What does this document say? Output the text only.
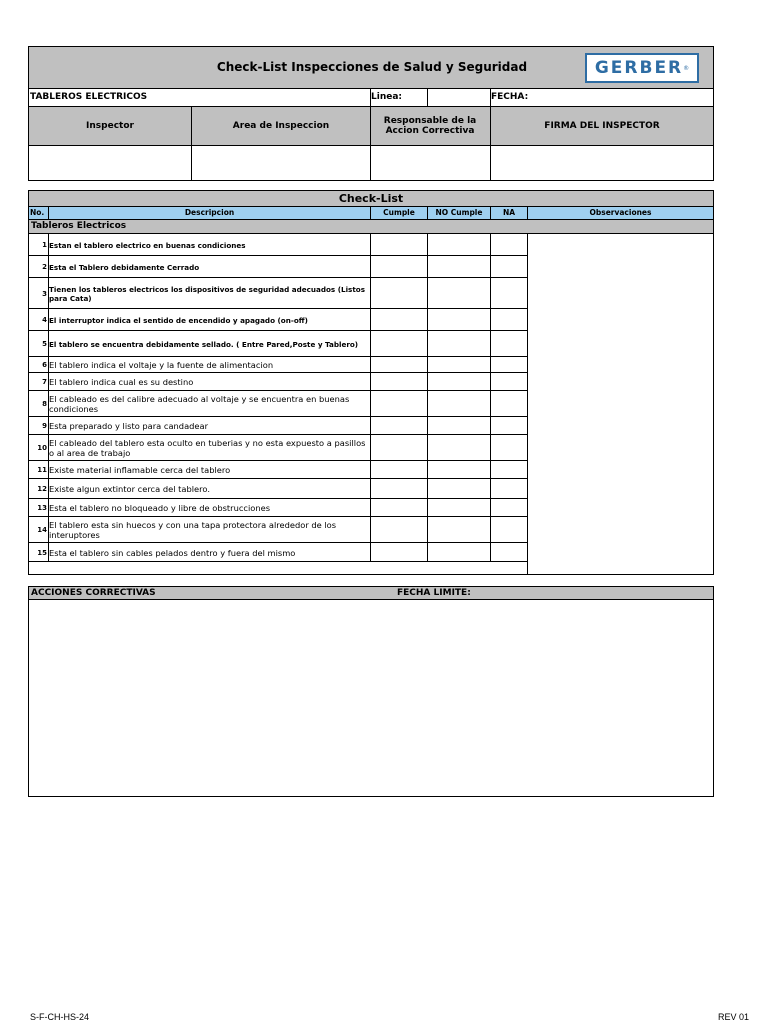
Check-List Inspecciones de Salud y Seguridad	GERBER ®
TABLEROS ELECTRICOS	Linea:	FECHA:
Inspector	Area de Inspeccion	Responsable de la Accion Correctiva	FIRMA DEL INSPECTOR
Check-List
No.	Descripcion	Cumple	NO Cumple	NA	Observaciones
Tableros Electricos
1 Estan el tablero electrico en buenas condiciones
2 Esta el Tablero debidamente Cerrado
3 Tienen los tableros electricos los dispositivos de seguridad adecuados (Listos para Cata)
4 El interruptor indica el sentido de encendido y apagado (on-off)
5 El tablero se encuentra debidamente sellado. ( Entre Pared,Poste y Tablero)
6 El tablero indica el voltaje y la fuente de alimentacion
7 El tablero indica cual es su destino
8 El cableado es del calibre adecuado al voltaje y se encuentra en buenas condiciones
9 Esta preparado y listo para candadear
10 El cableado del tablero esta oculto en tuberias y no esta expuesto a pasillos o al area de trabajo
11 Existe material inflamable cerca del tablero
12 Existe algun extintor cerca del tablero.
13 Esta el tablero no bloqueado y libre de obstrucciones
14 El tablero esta sin huecos y con una tapa protectora alrededor de los interuptores
15 Esta el tablero sin cables pelados dentro y fuera del mismo
ACCIONES CORRECTIVAS	FECHA LIMITE:
S-F-CH-HS-24	REV 01
